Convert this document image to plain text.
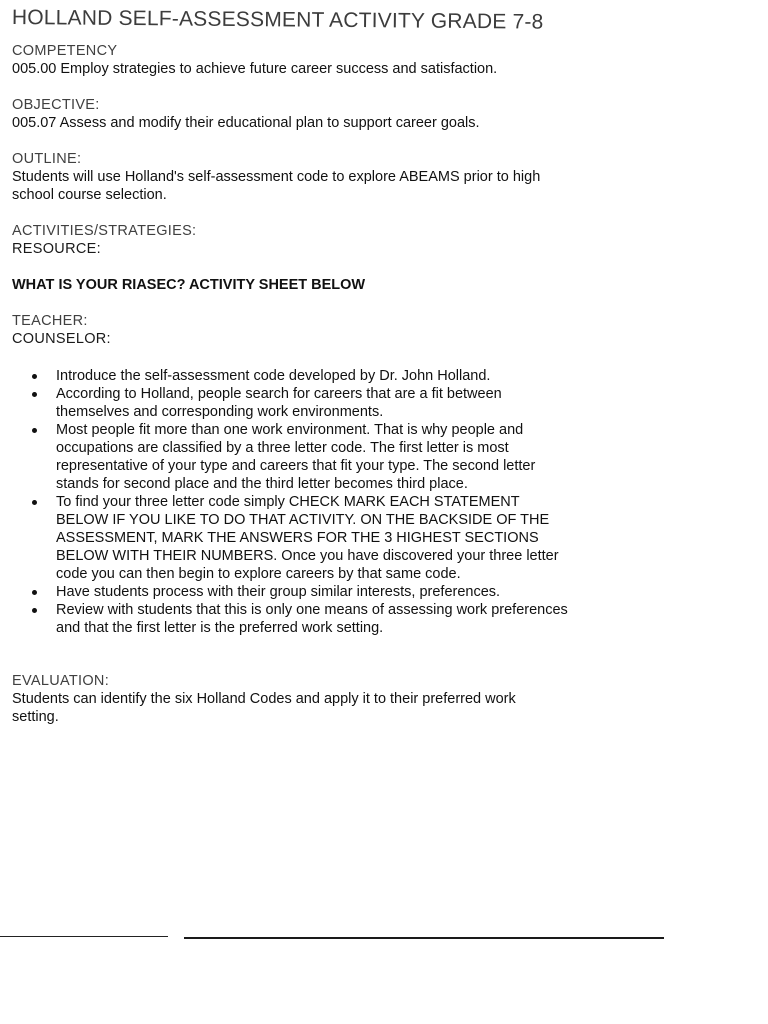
HOLLAND SELF-ASSESSMENT ACTIVITY GRADE 7-8
COMPETENCY
005.00 Employ strategies to achieve future career success and satisfaction.
OBJECTIVE:
005.07 Assess and modify their educational plan to support career goals.
OUTLINE:
Students will use Holland's self-assessment code to explore ABEAMS prior to high school course selection.
ACTIVITIES/STRATEGIES:
RESOURCE:
WHAT IS YOUR RIASEC? ACTIVITY SHEET BELOW
TEACHER:
COUNSELOR:
Introduce the self-assessment code developed by Dr. John Holland.
According to Holland, people search for careers that are a fit between themselves and corresponding work environments.
Most people fit more than one work environment. That is why people and occupations are classified by a three letter code. The first letter is most representative of your type and careers that fit your type. The second letter stands for second place and the third letter becomes third place.
To find your three letter code simply CHECK MARK EACH STATEMENT BELOW IF YOU LIKE TO DO THAT ACTIVITY. ON THE BACKSIDE OF THE ASSESSMENT, MARK THE ANSWERS FOR THE 3 HIGHEST SECTIONS BELOW WITH THEIR NUMBERS. Once you have discovered your three letter code you can then begin to explore careers by that same code.
Have students process with their group similar interests, preferences.
Review with students that this is only one means of assessing work preferences and that the first letter is the preferred work setting.
EVALUATION:
Students can identify the six Holland Codes and apply it to their preferred work setting.
